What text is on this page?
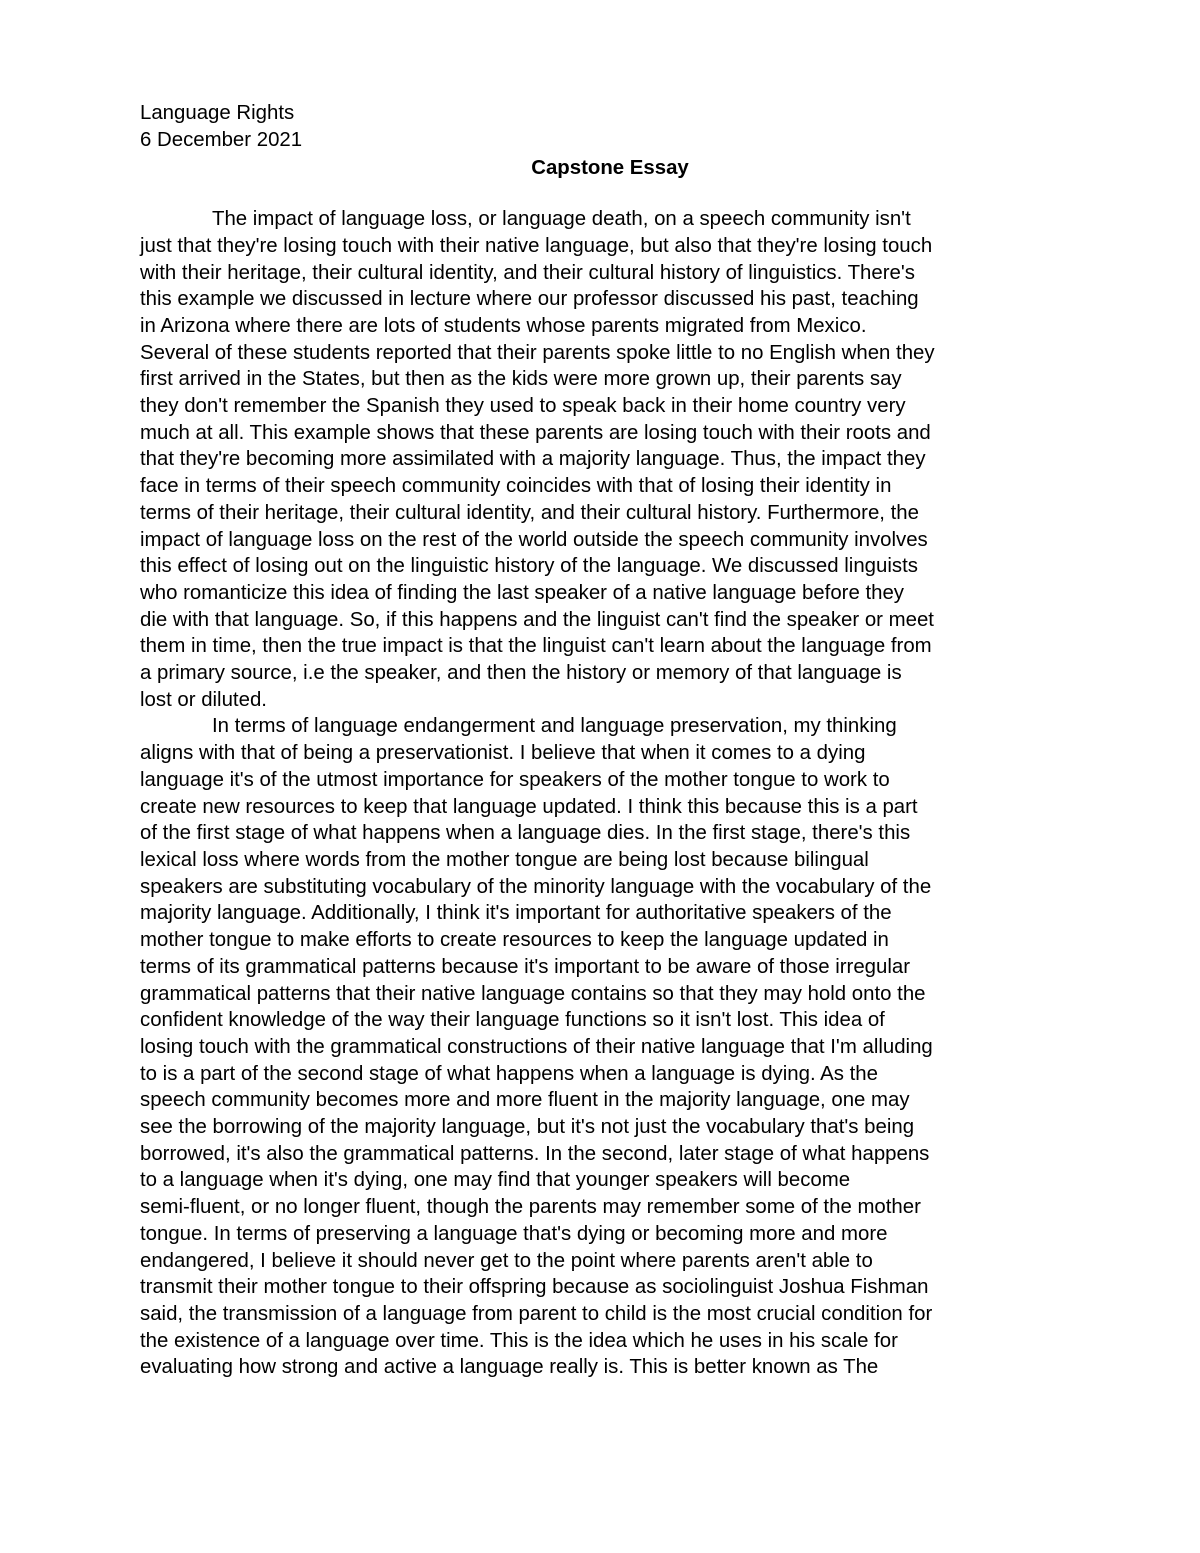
Language Rights
6 December 2021
Capstone Essay
The impact of language loss, or language death, on a speech community isn't
just that they're losing touch with their native language, but also that they're losing touch
with their heritage, their cultural identity, and their cultural history of linguistics. There's
this example we discussed in lecture where our professor discussed his past, teaching
in Arizona where there are lots of students whose parents migrated from Mexico.
Several of these students reported that their parents spoke little to no English when they
first arrived in the States, but then as the kids were more grown up, their parents say
they don't remember the Spanish they used to speak back in their home country very
much at all. This example shows that these parents are losing touch with their roots and
that they're becoming more assimilated with a majority language. Thus, the impact they
face in terms of their speech community coincides with that of losing their identity in
terms of their heritage, their cultural identity, and their cultural history. Furthermore, the
impact of language loss on the rest of the world outside the speech community involves
this effect of losing out on the linguistic history of the language. We discussed linguists
who romanticize this idea of finding the last speaker of a native language before they
die with that language. So, if this happens and the linguist can't find the speaker or meet
them in time, then the true impact is that the linguist can't learn about the language from
a primary source, i.e the speaker, and then the history or memory of that language is
lost or diluted.
In terms of language endangerment and language preservation, my thinking
aligns with that of being a preservationist. I believe that when it comes to a dying
language it's of the utmost importance for speakers of the mother tongue to work to
create new resources to keep that language updated. I think this because this is a part
of the first stage of what happens when a language dies. In the first stage, there's this
lexical loss where words from the mother tongue are being lost because bilingual
speakers are substituting vocabulary of the minority language with the vocabulary of the
majority language. Additionally, I think it's important for authoritative speakers of the
mother tongue to make efforts to create resources to keep the language updated in
terms of its grammatical patterns because it's important to be aware of those irregular
grammatical patterns that their native language contains so that they may hold onto the
confident knowledge of the way their language functions so it isn't lost. This idea of
losing touch with the grammatical constructions of their native language that I'm alluding
to is a part of the second stage of what happens when a language is dying. As the
speech community becomes more and more fluent in the majority language, one may
see the borrowing of the majority language, but it's not just the vocabulary that's being
borrowed, it's also the grammatical patterns. In the second, later stage of what happens
to a language when it's dying, one may find that younger speakers will become
semi-fluent, or no longer fluent, though the parents may remember some of the mother
tongue. In terms of preserving a language that's dying or becoming more and more
endangered, I believe it should never get to the point where parents aren't able to
transmit their mother tongue to their offspring because as sociolinguist Joshua Fishman
said, the transmission of a language from parent to child is the most crucial condition for
the existence of a language over time. This is the idea which he uses in his scale for
evaluating how strong and active a language really is. This is better known as The
